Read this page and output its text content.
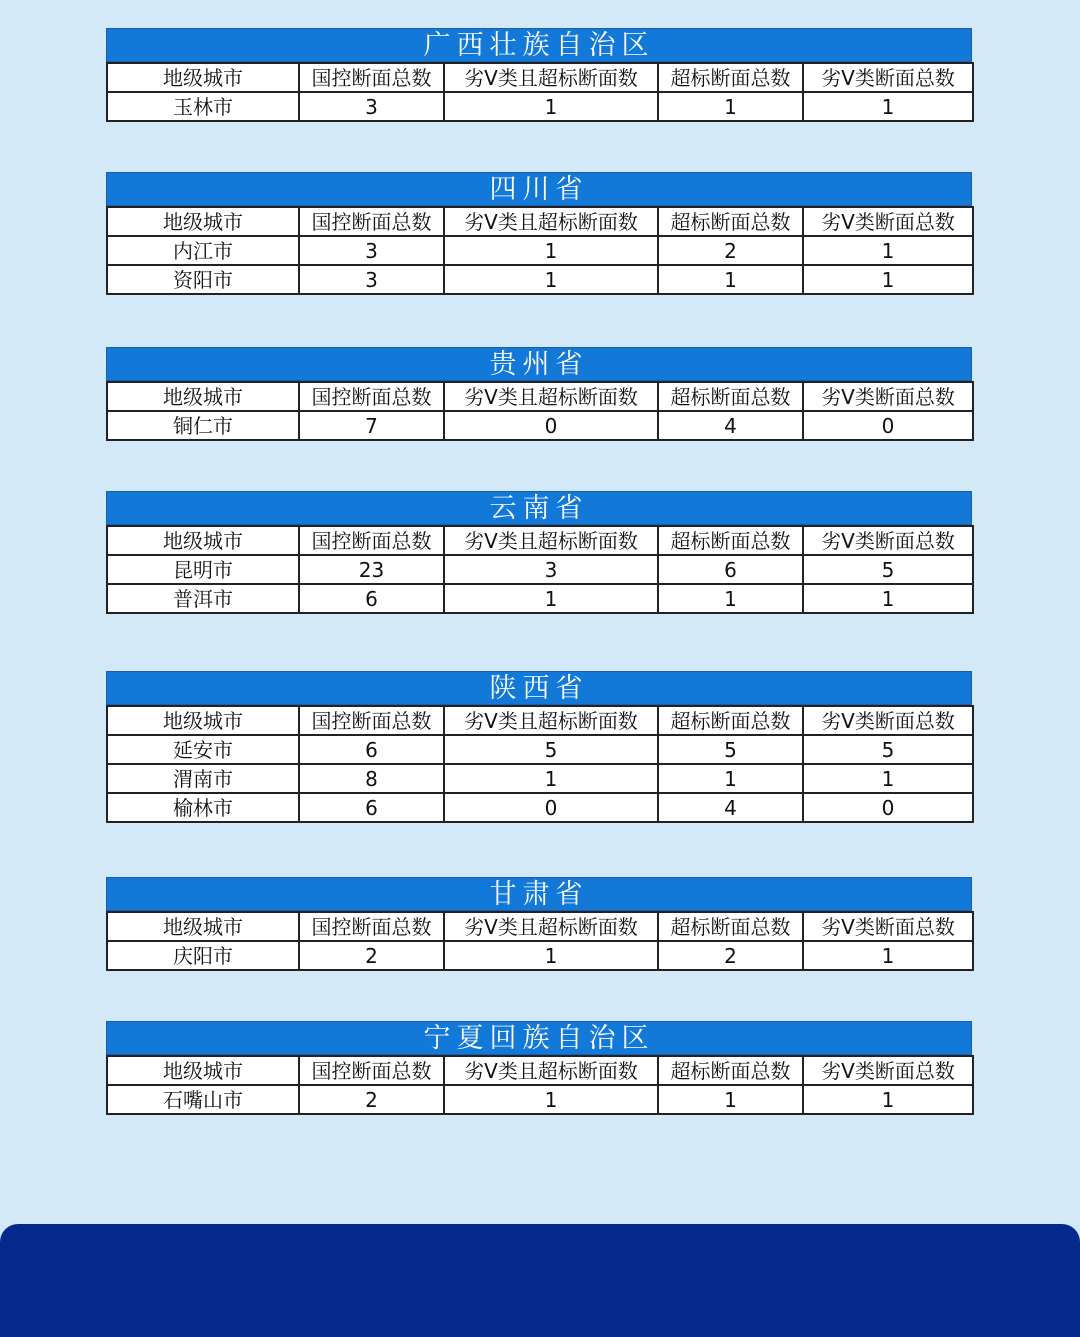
广西壮族自治区
地级城市	国控断面总数	劣Ⅴ类且超标断面数	超标断面总数	劣Ⅴ类断面总数
玉林市	3	1	1	1
四川省
地级城市	国控断面总数	劣Ⅴ类且超标断面数	超标断面总数	劣Ⅴ类断面总数
内江市	3	1	2	1
资阳市	3	1	1	1
贵州省
地级城市	国控断面总数	劣Ⅴ类且超标断面数	超标断面总数	劣Ⅴ类断面总数
铜仁市	7	0	4	0
云南省
地级城市	国控断面总数	劣Ⅴ类且超标断面数	超标断面总数	劣Ⅴ类断面总数
昆明市	23	3	6	5
普洱市	6	1	1	1
陕西省
地级城市	国控断面总数	劣Ⅴ类且超标断面数	超标断面总数	劣Ⅴ类断面总数
延安市	6	5	5	5
渭南市	8	1	1	1
榆林市	6	0	4	0
甘肃省
地级城市	国控断面总数	劣Ⅴ类且超标断面数	超标断面总数	劣Ⅴ类断面总数
庆阳市	2	1	2	1
宁夏回族自治区
地级城市	国控断面总数	劣Ⅴ类且超标断面数	超标断面总数	劣Ⅴ类断面总数
石嘴山市	2	1	1	1
